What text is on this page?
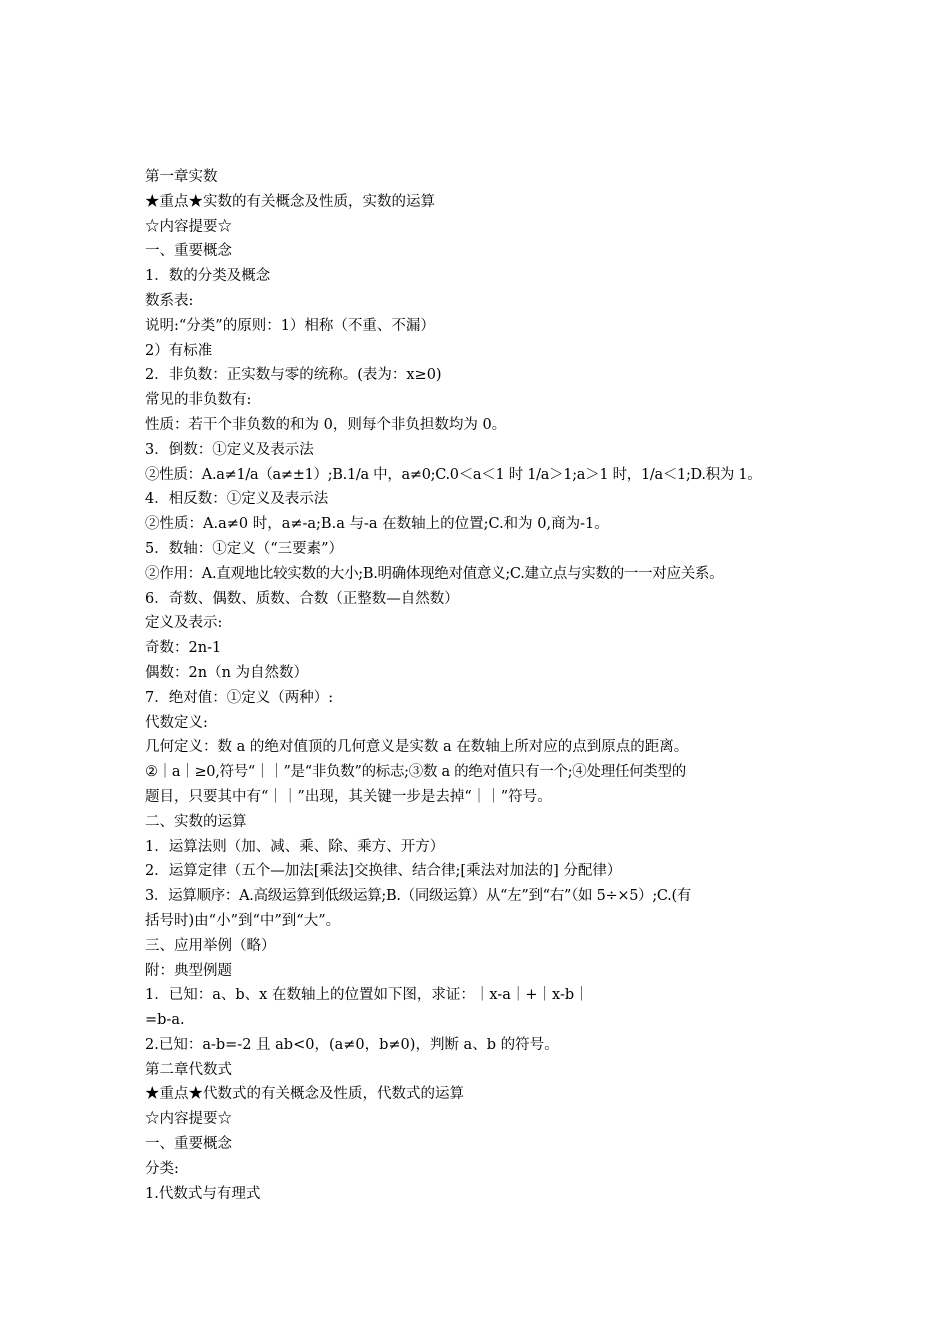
第一章实数
★重点★实数的有关概念及性质，实数的运算
☆内容提要☆
一、重要概念
1．数的分类及概念
数系表:
说明:“分类”的原则：1）相称（不重、不漏）
2）有标准
2．非负数：正实数与零的统称。(表为：x≥0)
常见的非负数有:
性质：若干个非负数的和为 0，则每个非负担数均为 0。
3．倒数：①定义及表示法
②性质：A.a≠1/a（a≠±1）;B.1/a 中，a≠0;C.0＜a＜1 时 1/a＞1;a＞1 时，1/a＜1;D.积为 1。
4．相反数：①定义及表示法
②性质：A.a≠0 时，a≠-a;B.a 与-a 在数轴上的位置;C.和为 0,商为-1。
5．数轴：①定义（“三要素”）
②作用：A.直观地比较实数的大小;B.明确体现绝对值意义;C.建立点与实数的一一对应关系。
6．奇数、偶数、质数、合数（正整数—自然数）
定义及表示:
奇数：2n-1
偶数：2n（n 为自然数）
7．绝对值：①定义（两种）:
代数定义:
几何定义：数 a 的绝对值顶的几何意义是实数 a 在数轴上所对应的点到原点的距离。
②｜a｜≥0,符号“｜｜”是“非负数”的标志;③数 a 的绝对值只有一个;④处理任何类型的
题目，只要其中有“｜｜”出现，其关键一步是去掉“｜｜”符号。
二、实数的运算
1．运算法则（加、减、乘、除、乘方、开方）
2．运算定律（五个—加法[乘法]交换律、结合律;[乘法对加法的] 分配律）
3．运算顺序：A.高级运算到低级运算;B.（同级运算）从“左”到“右”（如 5÷×5）;C.(有
括号时)由“小”到“中”到“大”。
三、应用举例（略）
附：典型例题
1．已知：a、b、x 在数轴上的位置如下图，求证：｜x-a｜+｜x-b｜
=b-a.
2.已知：a-b=-2 且 ab<0，(a≠0，b≠0)，判断 a、b 的符号。
第二章代数式
★重点★代数式的有关概念及性质，代数式的运算
☆内容提要☆
一、重要概念
分类:
1.代数式与有理式
